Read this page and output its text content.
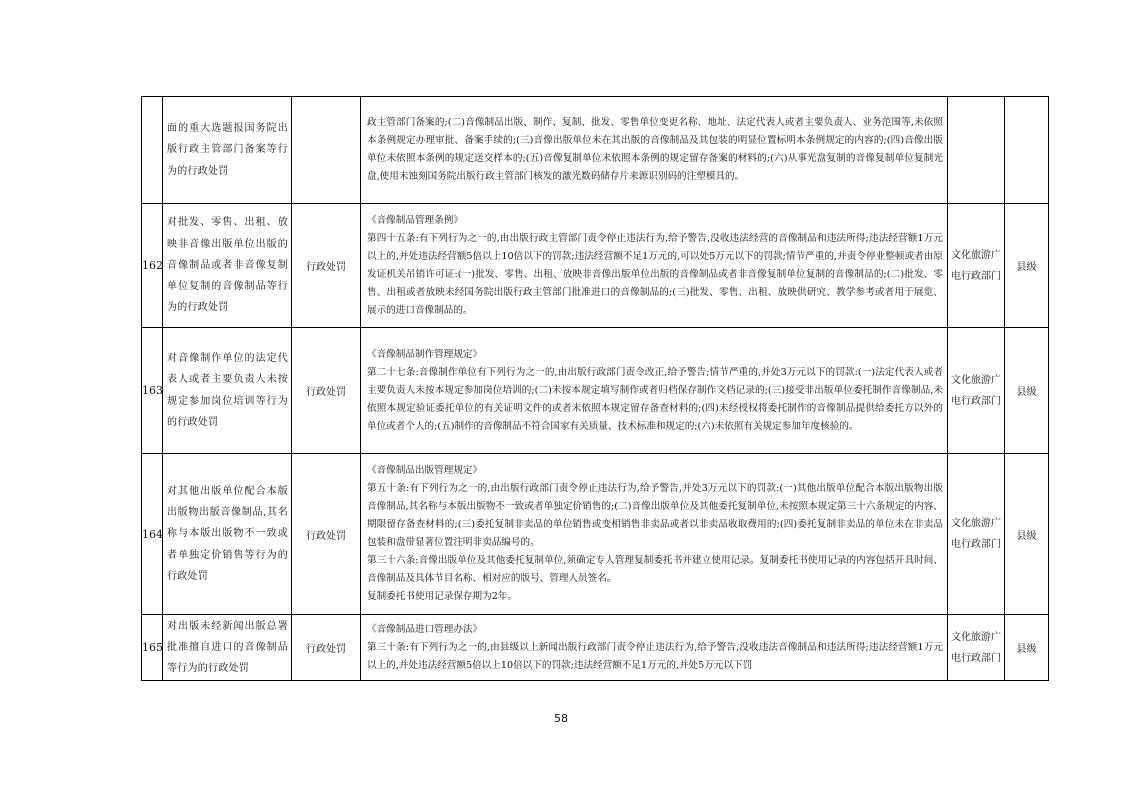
	面的重大选题报国务院出版行政主管部门备案等行为的行政处罚		政主管部门备案的;(二)音像制品出版、制作、复制、批发、零售单位变更名称、地址、法定代表人或者主要负责人、业务范围等,未依照本条例规定办理审批、备案手续的;(三)音像出版单位未在其出版的音像制品及其包装的明显位置标明本条例规定的内容的;(四)音像出版单位未依照本条例的规定送交样本的;(五)音像复制单位未依照本条例的规定留存备案的材料的;(六)从事光盘复制的音像复制单位复制光盘,使用未蚀刻国务院出版行政主管部门核发的激光数码储存片来源识别码的注塑模具的。		

162	对批发、零售、出租、放映非音像出版单位出版的音像制品或者非音像复制单位复制的音像制品等行为的行政处罚	行政处罚	《音像制品管理条例》
第四十五条:有下列行为之一的,由出版行政主管部门责令停止违法行为,给予警告,没收违法经营的音像制品和违法所得;违法经营额1万元以上的,并处违法经营额5倍以上10倍以下的罚款;违法经营额不足1万元的,可以处5万元以下的罚款;情节严重的,并责令停业整顿或者由原发证机关吊销许可证:(一)批发、零售、出租、放映非音像出版单位出版的音像制品或者非音像复制单位复制的音像制品的;(二)批发、零售、出租或者放映未经国务院出版行政主管部门批准进口的音像制品的;(三)批发、零售、出租、放映供研究、教学参考或者用于展览、展示的进口音像制品的。	文化旅游广电行政部门	县级
163	对音像制作单位的法定代表人或者主要负责人未按规定参加岗位培训等行为的行政处罚	行政处罚	《音像制品制作管理规定》
第二十七条:音像制作单位有下列行为之一的,由出版行政部门责令改正,给予警告;情节严重的,并处3万元以下的罚款:(一)法定代表人或者主要负责人未按本规定参加岗位培训的;(二)未按本规定填写制作或者归档保存制作文档记录的;(三)接受非出版单位委托制作音像制品,未依照本规定验证委托单位的有关证明文件的或者未依照本规定留存备查材料的;(四)未经授权将委托制作的音像制品提供给委托方以外的单位或者个人的;(五)制作的音像制品不符合国家有关质量、技术标准和规定的;(六)未依照有关规定参加年度核验的。	文化旅游广电行政部门	县级
164	对其他出版单位配合本版出版物出版音像制品,其名称与本版出版物不一致或者单独定价销售等行为的行政处罚	行政处罚	《音像制品出版管理规定》
第五十条:有下列行为之一的,由出版行政部门责令停止违法行为,给予警告,并处3万元以下的罚款:(一)其他出版单位配合本版出版物出版音像制品,其名称与本版出版物不一致或者单独定价销售的;(二)音像出版单位及其他委托复制单位,未按照本规定第三十六条规定的内容、期限留存备查材料的;(三)委托复制非卖品的单位销售或变相销售非卖品或者以非卖品收取费用的;(四)委托复制非卖品的单位未在非卖品包装和盘带显著位置注明非卖品编号的。
第三十六条:音像出版单位及其他委托复制单位,须确定专人管理复制委托书并建立使用记录。复制委托书使用记录的内容包括开具时间、音像制品及具体节目名称、相对应的版号、管理人员签名。
复制委托书使用记录保存期为2年。	文化旅游广电行政部门	县级
165	对出版未经新闻出版总署批准擅自进口的音像制品等行为的行政处罚	行政处罚	《音像制品进口管理办法》
第三十条:有下列行为之一的,由县级以上新闻出版行政部门责令停止违法行为,给予警告,没收违法音像制品和违法所得;违法经营额1万元以上的,并处违法经营额5倍以上10倍以下的罚款;违法经营额不足1万元的,并处5万元以下罚	文化旅游广电行政部门	县级
58
